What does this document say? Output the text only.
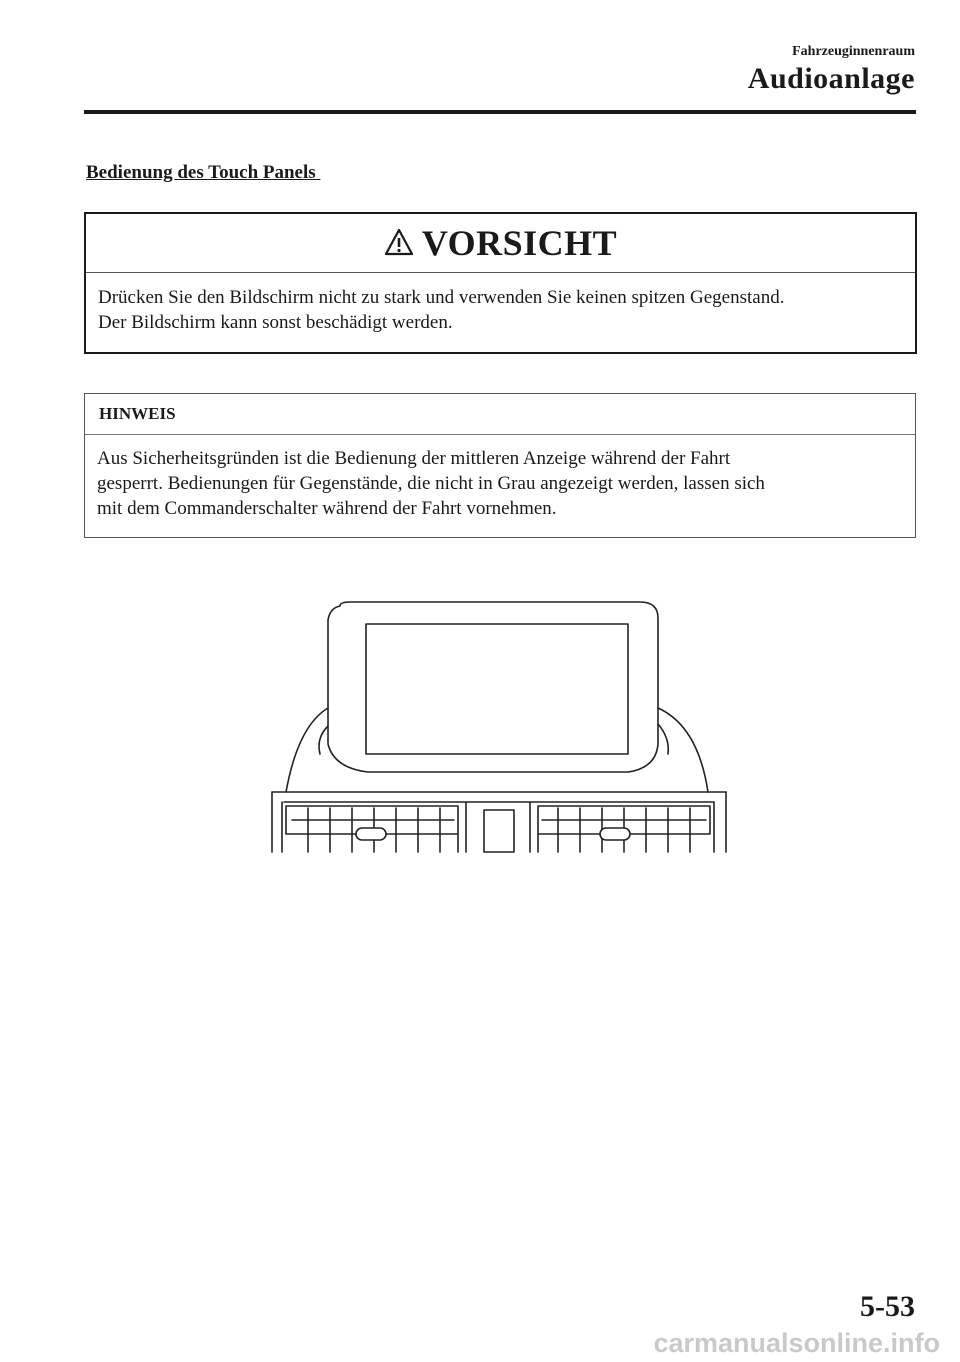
Fahrzeuginnenraum
Audioanlage
Bedienung des Touch Panels
VORSICHT
Drücken Sie den Bildschirm nicht zu stark und verwenden Sie keinen spitzen Gegenstand.
Der Bildschirm kann sonst beschädigt werden.
HINWEIS
Aus Sicherheitsgründen ist die Bedienung der mittleren Anzeige während der Fahrt
gesperrt. Bedienungen für Gegenstände, die nicht in Grau angezeigt werden, lassen sich
mit dem Commanderschalter während der Fahrt vornehmen.
5-53
carmanualsonline.info
